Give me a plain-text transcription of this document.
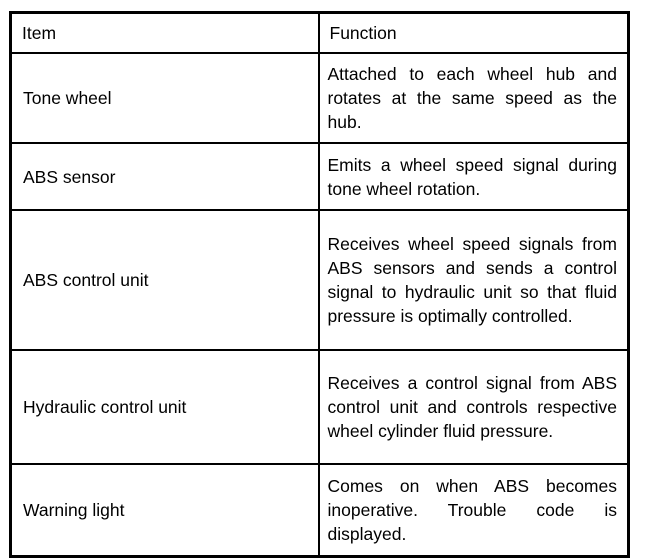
Item	Function
Tone wheel	Attached to each wheel hub and rotates at the same speed as the hub.

ABS sensor	Emits a wheel speed signal during tone wheel rotation.

ABS control unit	Receives wheel speed signals from ABS sensors and sends a control signal to hydraulic unit so that fluid pressure is optimally controlled.

Hydraulic control unit	Receives a control signal from ABS control unit and controls respective wheel cylinder fluid pressure.

Warning light	Comes on when ABS becomes inoperative. Trouble code is displayed.
